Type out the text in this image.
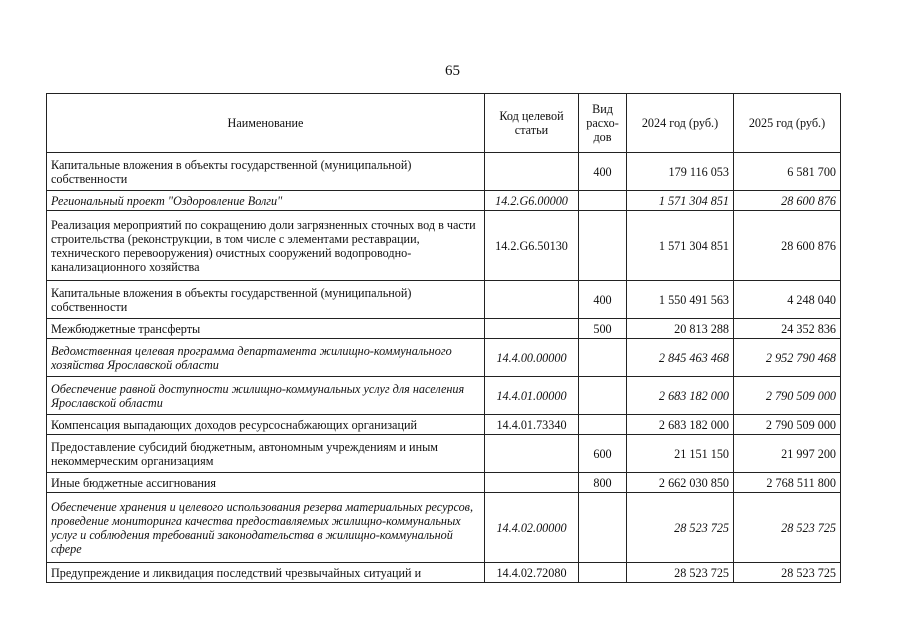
65
Наименование	Код целевой статьи	Вид расхо-дов	2024 год (руб.)	2025 год (руб.)
Капитальные вложения в объекты государственной (муниципальной) собственности		400	179 116 053	6 581 700
Региональный проект "Оздоровление Волги"	14.2.G6.00000		1 571 304 851	28 600 876
Реализация мероприятий по сокращению доли загрязненных сточных вод в части строительства (реконструкции, в том числе с элементами реставрации, технического перевооружения) очистных сооружений водопроводно-канализационного хозяйства	14.2.G6.50130		1 571 304 851	28 600 876
Капитальные вложения в объекты государственной (муниципальной) собственности		400	1 550 491 563	4 248 040
Межбюджетные трансферты		500	20 813 288	24 352 836
Ведомственная целевая программа департамента жилищно-коммунального хозяйства Ярославской области	14.4.00.00000		2 845 463 468	2 952 790 468
Обеспечение равной доступности жилищно-коммунальных услуг для населения Ярославской области	14.4.01.00000		2 683 182 000	2 790 509 000
Компенсация выпадающих доходов ресурсоснабжающих организаций	14.4.01.73340		2 683 182 000	2 790 509 000
Предоставление субсидий бюджетным, автономным учреждениям и иным некоммерческим организациям		600	21 151 150	21 997 200
Иные бюджетные ассигнования		800	2 662 030 850	2 768 511 800
Обеспечение хранения и целевого использования резерва материальных ресурсов, проведение мониторинга качества предоставляемых жилищно-коммунальных услуг и соблюдения требований законодательства в жилищно-коммунальной сфере	14.4.02.00000		28 523 725	28 523 725
Предупреждение и ликвидация последствий чрезвычайных ситуаций и	14.4.02.72080		28 523 725	28 523 725
